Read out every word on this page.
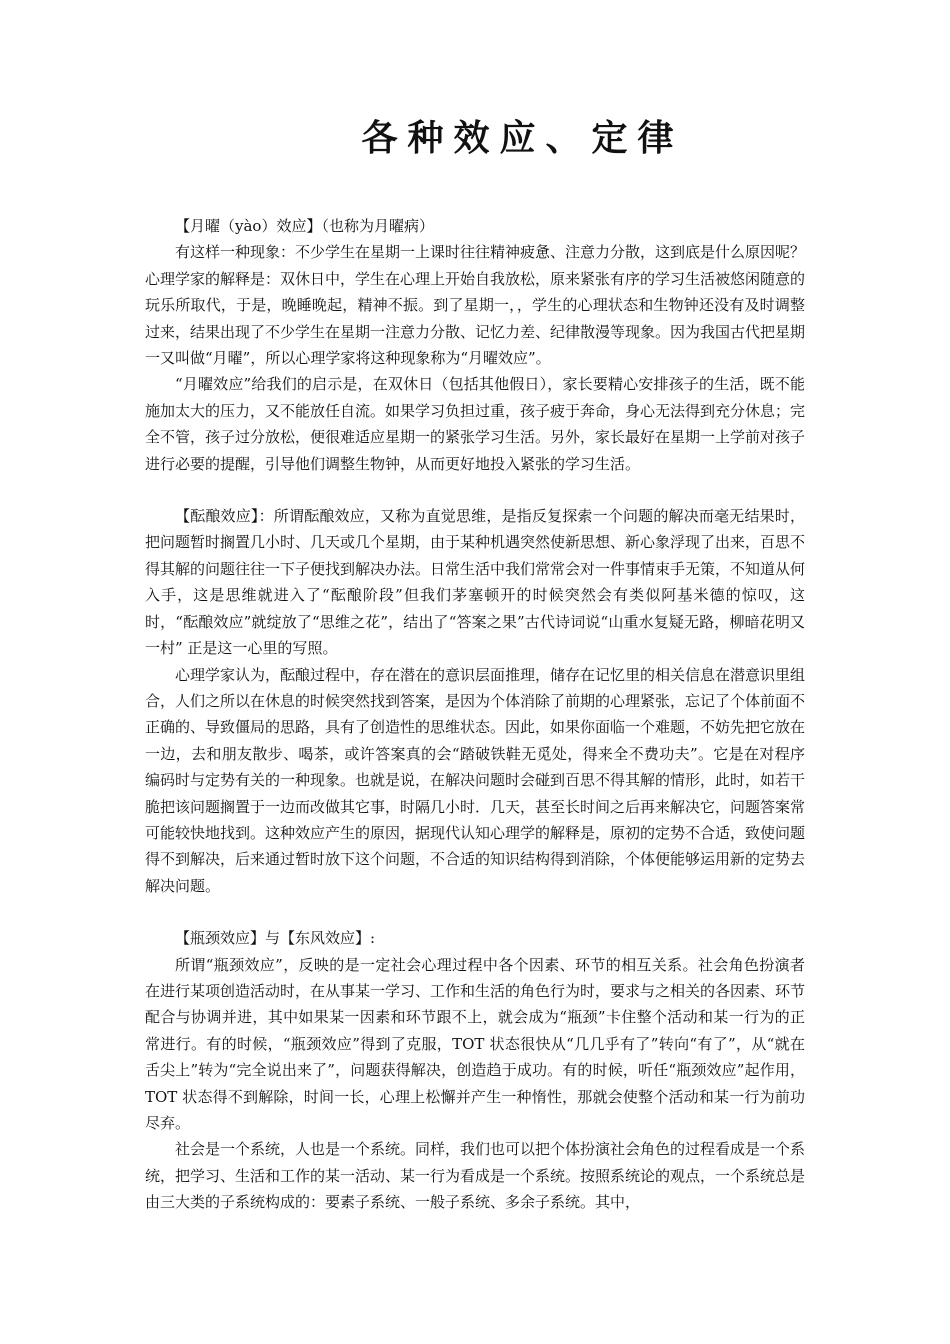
各种效应、定律

【月曜（yào）效应】（也称为月曜病）

有这样一种现象：不少学生在星期一上课时往往精神疲惫、注意力分散，这到底是什么原因呢？心理学家的解释是：双休日中，学生在心理上开始自我放松，原来紧张有序的学习生活被悠闲随意的玩乐所取代，于是，晚睡晚起，精神不振。到了星期一，，学生的心理状态和生物钟还没有及时调整过来，结果出现了不少学生在星期一注意力分散、记忆力差、纪律散漫等现象。因为我国古代把星期一又叫做“月曜”，所以心理学家将这种现象称为“月曜效应”。

“月曜效应”给我们的启示是，在双休日（包括其他假日），家长要精心安排孩子的生活，既不能施加太大的压力，又不能放任自流。如果学习负担过重，孩子疲于奔命，身心无法得到充分休息；完全不管，孩子过分放松，便很难适应星期一的紧张学习生活。另外，家长最好在星期一上学前对孩子进行必要的提醒，引导他们调整生物钟，从而更好地投入紧张的学习生活。

【酝酿效应】：所谓酝酿效应，又称为直觉思维，是指反复探索一个问题的解决而毫无结果时，把问题暂时搁置几小时、几天或几个星期，由于某种机遇突然使新思想、新心象浮现了出来，百思不得其解的问题往往一下子便找到解决办法。日常生活中我们常常会对一件事情束手无策，不知道从何入手，这是思维就进入了“酝酿阶段”但我们茅塞顿开的时候突然会有类似阿基米德的惊叹，这时，“酝酿效应”就绽放了“思维之花”，结出了“答案之果”古代诗词说“山重水复疑无路，柳暗花明又一村” 正是这一心里的写照。

心理学家认为，酝酿过程中，存在潜在的意识层面推理，储存在记忆里的相关信息在潜意识里组合，人们之所以在休息的时候突然找到答案，是因为个体消除了前期的心理紧张，忘记了个体前面不正确的、导致僵局的思路，具有了创造性的思维状态。因此，如果你面临一个难题，不妨先把它放在一边，去和朋友散步、喝茶，或许答案真的会“踏破铁鞋无觅处，得来全不费功夫”。它是在对程序编码时与定势有关的一种现象。也就是说，在解决问题时会碰到百思不得其解的情形，此时，如若干脆把该问题搁置于一边而改做其它事，时隔几小时．几天，甚至长时间之后再来解决它，问题答案常可能较快地找到。这种效应产生的原因，据现代认知心理学的解释是，原初的定势不合适，致使问题得不到解决，后来通过暂时放下这个问题，不合适的知识结构得到消除，个体便能够运用新的定势去解决问题。

【瓶颈效应】与【东风效应】:

所谓“瓶颈效应”，反映的是一定社会心理过程中各个因素、环节的相互关系。社会角色扮演者在进行某项创造活动时，在从事某一学习、工作和生活的角色行为时，要求与之相关的各因素、环节配合与协调并进，其中如果某一因素和环节跟不上，就会成为“瓶颈”卡住整个活动和某一行为的正常进行。有的时候，“瓶颈效应”得到了克服，TOT 状态很快从“几几乎有了”转向“有了”，从“就在舌尖上”转为“完全说出来了”，问题获得解决，创造趋于成功。有的时候，听任“瓶颈效应”起作用，TOT 状态得不到解除，时间一长，心理上松懈并产生一种惰性，那就会使整个活动和某一行为前功尽弃。

社会是一个系统，人也是一个系统。同样，我们也可以把个体扮演社会角色的过程看成是一个系统，把学习、生活和工作的某一活动、某一行为看成是一个系统。按照系统论的观点，一个系统总是由三大类的子系统构成的：要素子系统、一般子系统、多余子系统。其中，
